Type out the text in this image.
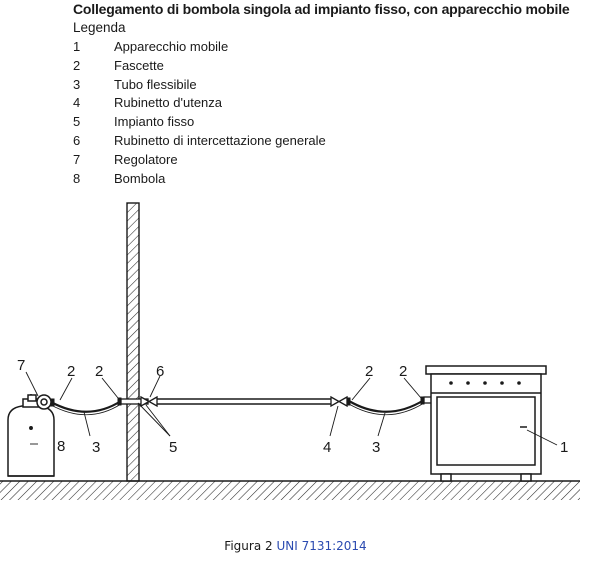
Collegamento di bombola singola ad impianto fisso, con apparecchio mobile
Legenda
1	Apparecchio mobile
2	Fascette
3	Tubo flessibile
4	Rubinetto d'utenza
5	Impianto fisso
6	Rubinetto di intercettazione generale
7	Regolatore
8	Bombola
7	2 2	6	2 2
8 3	5	4	3	1
Figura 2 UNI 7131:2014
